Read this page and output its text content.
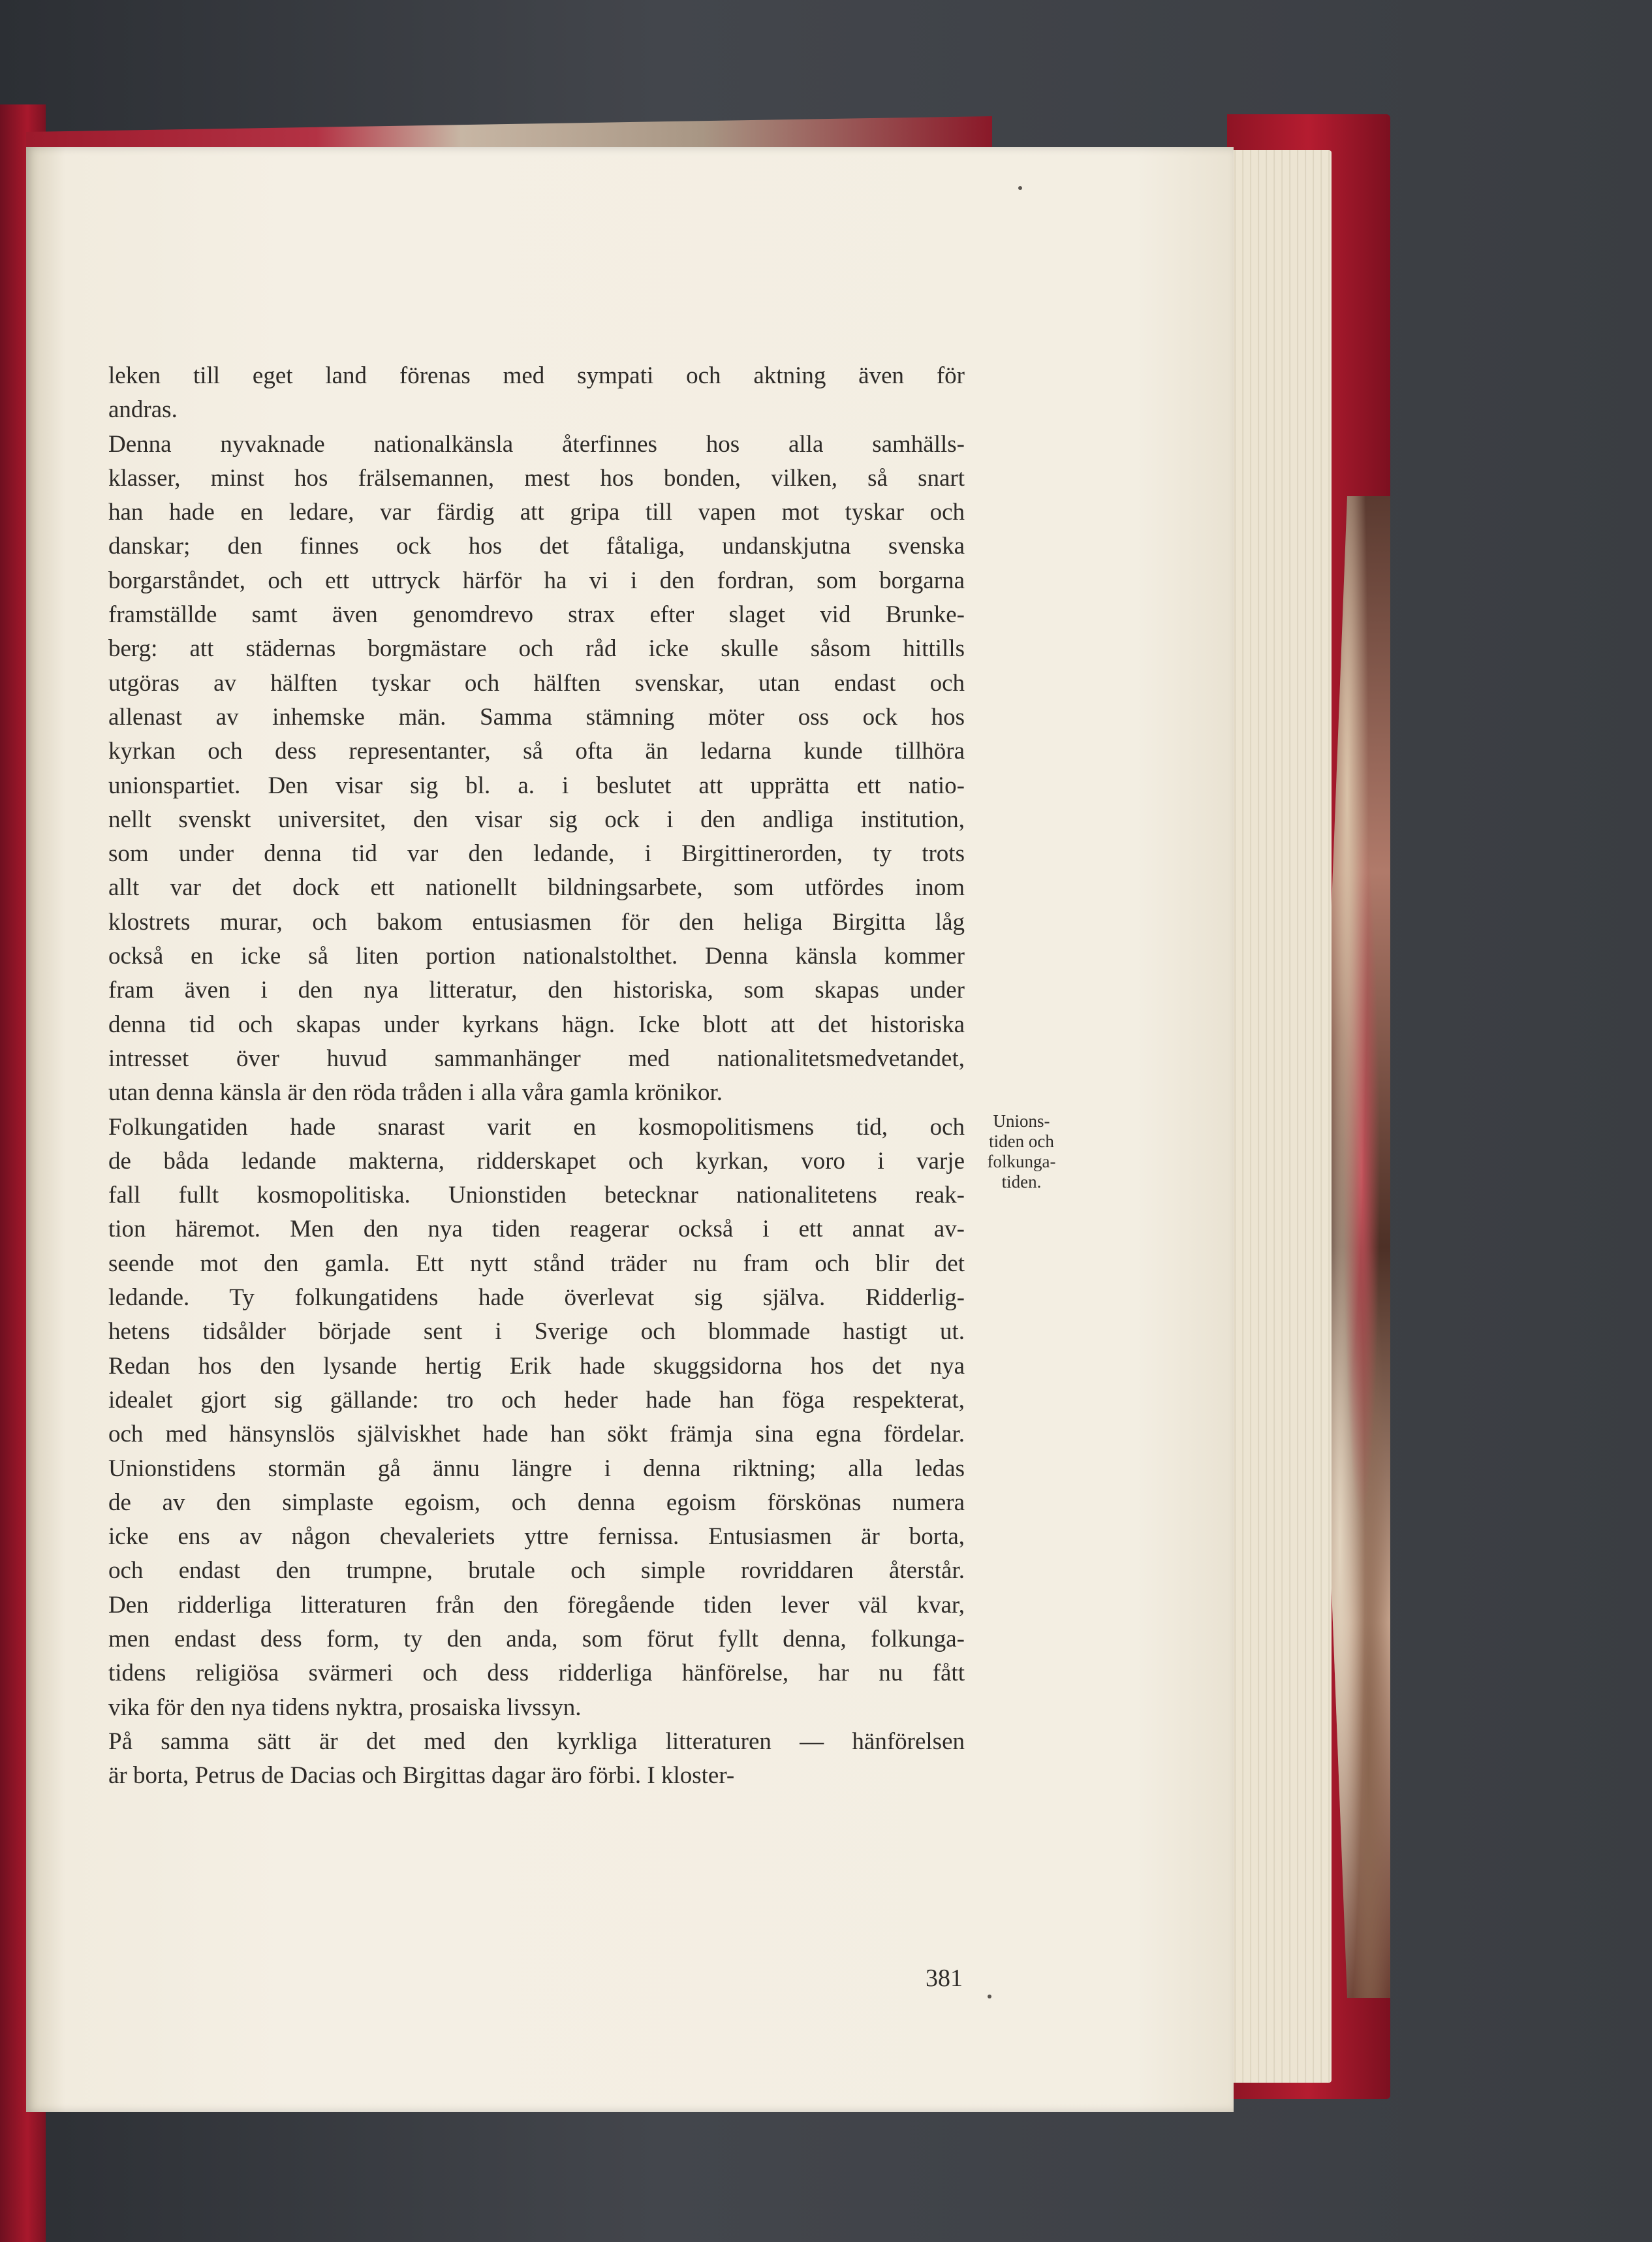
leken till eget land förenas med sympati och aktning även för
andras.
Denna nyvaknade nationalkänsla återfinnes hos alla samhälls-
klasser, minst hos frälsemannen, mest hos bonden, vilken, så snart
han hade en ledare, var färdig att gripa till vapen mot tyskar och
danskar; den finnes ock hos det fåtaliga, undanskjutna svenska
borgarståndet, och ett uttryck härför ha vi i den fordran, som borgarna
framställde samt även genomdrevo strax efter slaget vid Brunke-
berg: att städernas borgmästare och råd icke skulle såsom hittills
utgöras av hälften tyskar och hälften svenskar, utan endast och
allenast av inhemske män. Samma stämning möter oss ock hos
kyrkan och dess representanter, så ofta än ledarna kunde tillhöra
unionspartiet. Den visar sig bl. a. i beslutet att upprätta ett natio-
nellt svenskt universitet, den visar sig ock i den andliga institution,
som under denna tid var den ledande, i Birgittinerorden, ty trots
allt var det dock ett nationellt bildningsarbete, som utfördes inom
klostrets murar, och bakom entusiasmen för den heliga Birgitta låg
också en icke så liten portion nationalstolthet. Denna känsla kommer
fram även i den nya litteratur, den historiska, som skapas under
denna tid och skapas under kyrkans hägn. Icke blott att det historiska
intresset över huvud sammanhänger med nationalitetsmedvetandet,
utan denna känsla är den röda tråden i alla våra gamla krönikor.
Folkungatiden hade snarast varit en kosmopolitismens tid, och
de båda ledande makterna, ridderskapet och kyrkan, voro i varje
fall fullt kosmopolitiska. Unionstiden betecknar nationalitetens reak-
tion häremot. Men den nya tiden reagerar också i ett annat av-
seende mot den gamla. Ett nytt stånd träder nu fram och blir det
ledande. Ty folkungatidens hade överlevat sig själva. Ridderlig-
hetens tidsålder började sent i Sverige och blommade hastigt ut.
Redan hos den lysande hertig Erik hade skuggsidorna hos det nya
idealet gjort sig gällande: tro och heder hade han föga respekterat,
och med hänsynslös själviskhet hade han sökt främja sina egna fördelar.
Unionstidens stormän gå ännu längre i denna riktning; alla ledas
de av den simplaste egoism, och denna egoism förskönas numera
icke ens av någon chevaleriets yttre fernissa. Entusiasmen är borta,
och endast den trumpne, brutale och simple rovriddaren återstår.
Den ridderliga litteraturen från den föregående tiden lever väl kvar,
men endast dess form, ty den anda, som förut fyllt denna, folkunga-
tidens religiösa svärmeri och dess ridderliga hänförelse, har nu fått
vika för den nya tidens nyktra, prosaiska livssyn.
På samma sätt är det med den kyrkliga litteraturen — hänförelsen
är borta, Petrus de Dacias och Birgittas dagar äro förbi. I kloster-
Unions-
tiden och
folkunga-
tiden.
381
